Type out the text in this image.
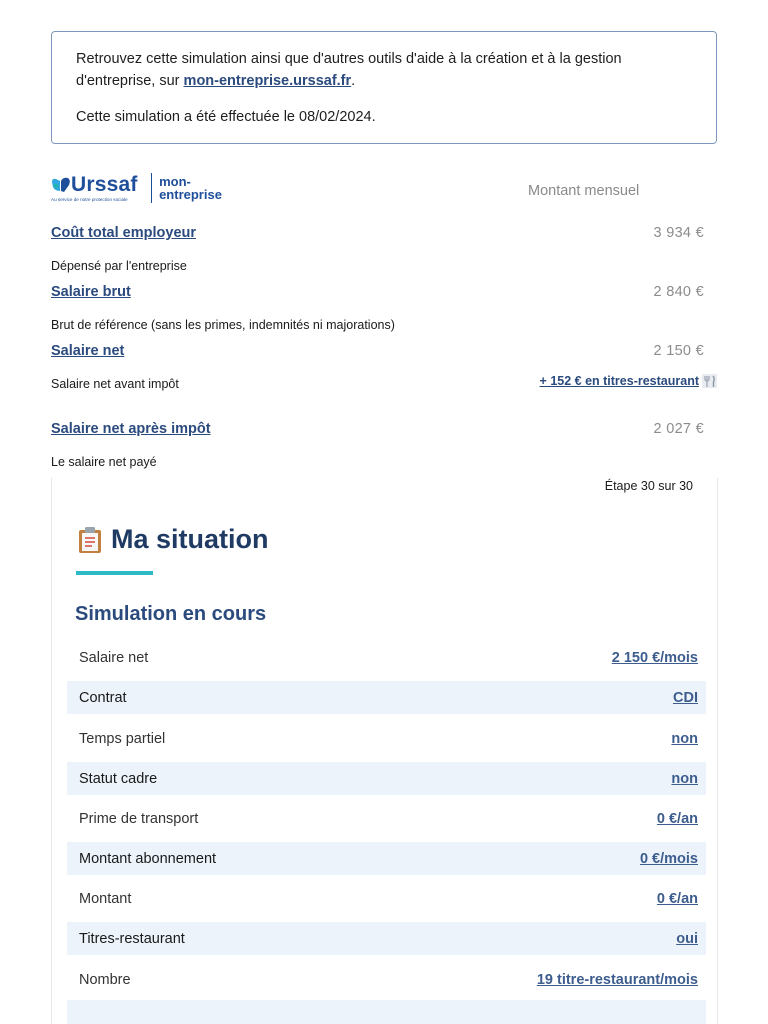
Retrouvez cette simulation ainsi que d'autres outils d'aide à la création et à la gestion d'entreprise, sur mon-entreprise.urssaf.fr.

Cette simulation a été effectuée le 08/02/2024.

Urssaf
Au service de notre protection sociale
mon-
entreprise	Montant mensuel
Coût total employeur	3 934 €
Dépensé par l'entreprise
Salaire brut	2 840 €
Brut de référence (sans les primes, indemnités ni majorations)
Salaire net	2 150 €
Salaire net avant impôt	+ 152 € en titres-restaurant
Salaire net après impôt	2 027 €
Le salaire net payé
Étape 30 sur 30
Ma situation
Simulation en cours
Salaire net	2 150 €/mois
Contrat	CDI
Temps partiel	non
Statut cadre	non
Prime de transport	0 €/an
Montant abonnement	0 €/mois
Montant	0 €/an
Titres-restaurant	oui
Nombre	19 titre-restaurant/mois
